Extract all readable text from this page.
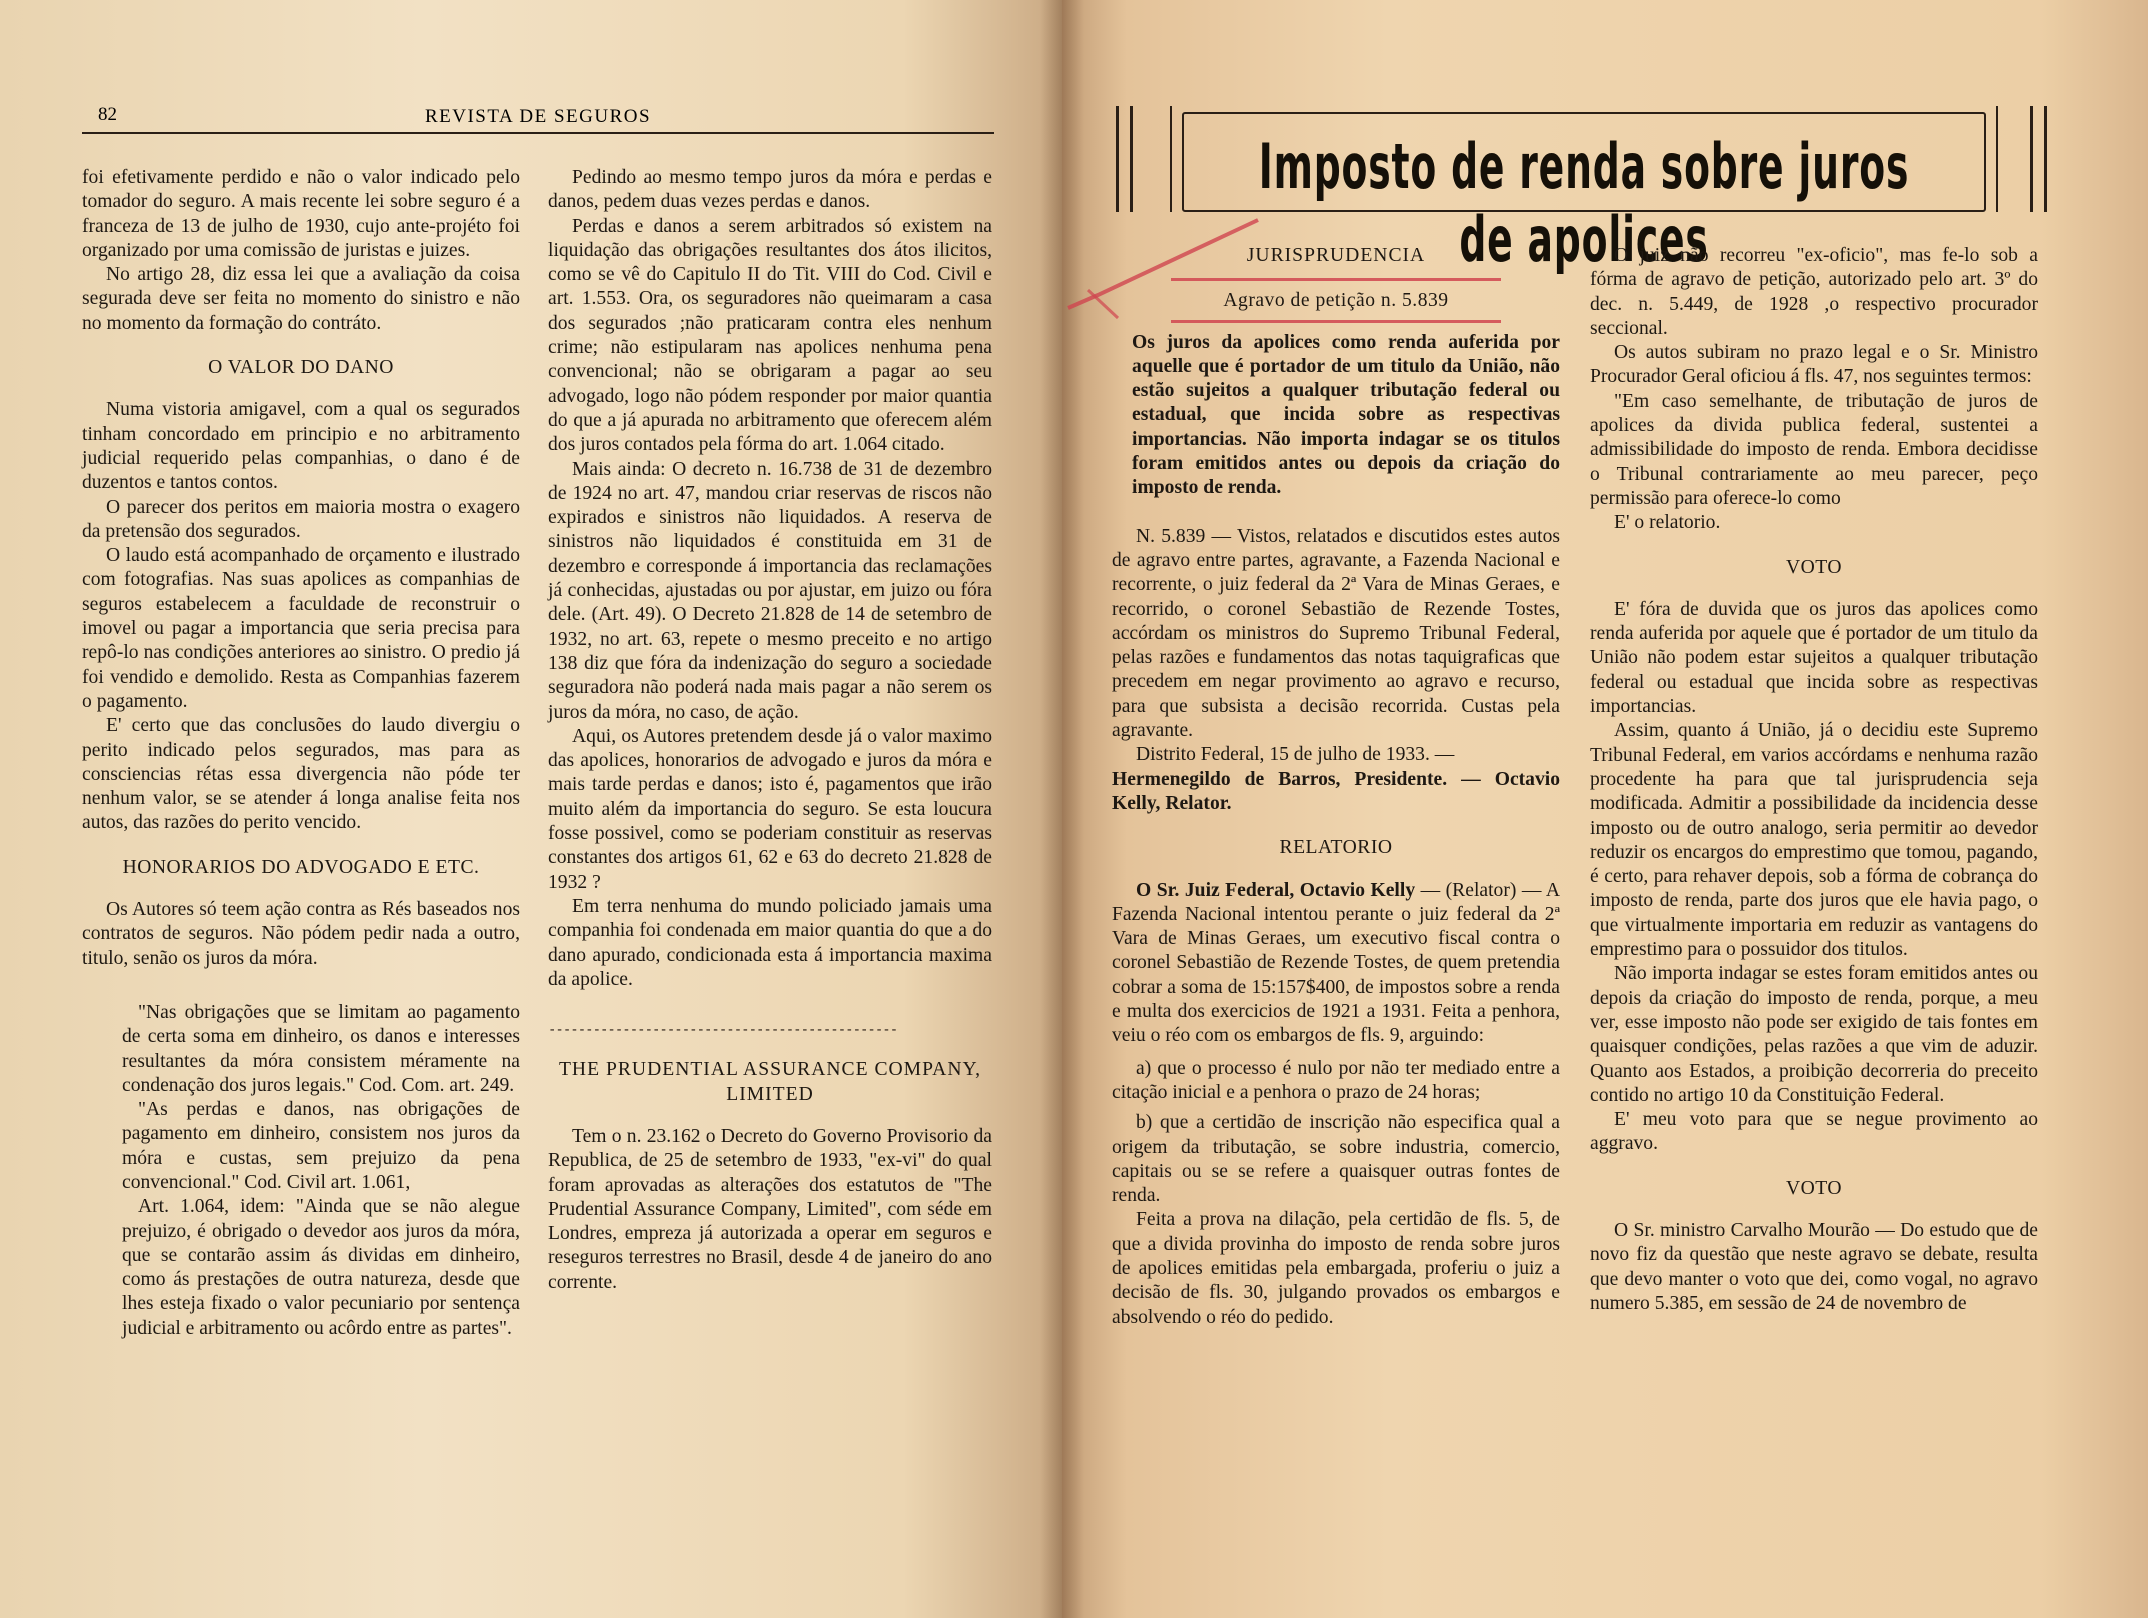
82	REVISTA DE SEGUROS

foi efetivamente perdido e não o valor indicado pelo tomador do seguro. A mais recente lei sobre seguro é a franceza de 13 de julho de 1930, cujo ante-projéto foi organizado por uma comissão de juristas e juizes.

No artigo 28, diz essa lei que a avaliação da coisa segurada deve ser feita no momento do sinistro e não no momento da formação do contráto.

O VALOR DO DANO

Numa vistoria amigavel, com a qual os segurados tinham concordado em principio e no arbitramento judicial requerido pelas companhias, o dano é de duzentos e tantos contos.

O parecer dos peritos em maioria mostra o exagero da pretensão dos segurados.

O laudo está acompanhado de orçamento e ilustrado com fotografias. Nas suas apolices as companhias de seguros estabelecem a faculdade de reconstruir o imovel ou pagar a importancia que seria precisa para repô-lo nas condições anteriores ao sinistro. O predio já foi vendido e demolido. Resta as Companhias fazerem o pagamento.

E' certo que das conclusões do laudo divergiu o perito indicado pelos segurados, mas para as consciencias rétas essa divergencia não póde ter nenhum valor, se se atender á longa analise feita nos autos, das razões do perito vencido.

HONORARIOS DO ADVOGADO E ETC.

Os Autores só teem ação contra as Rés baseados nos contratos de seguros. Não pódem pedir nada a outro, titulo, senão os juros da móra.

"Nas obrigações que se limitam ao pagamento de certa soma em dinheiro, os danos e interesses resultantes da móra consistem méramente na condenação dos juros legais." Cod. Com. art. 249.

"As perdas e danos, nas obrigações de pagamento em dinheiro, consistem nos juros da móra e custas, sem prejuizo da pena convencional." Cod. Civil art. 1.061,

Art. 1.064, idem: "Ainda que se não alegue prejuizo, é obrigado o devedor aos juros da móra, que se contarão assim ás dividas em dinheiro, como ás prestações de outra natureza, desde que lhes esteja fixado o valor pecuniario por sentença judicial e arbitramento ou acôrdo entre as partes".

Pedindo ao mesmo tempo juros da móra e perdas e danos, pedem duas vezes perdas e danos.

Perdas e danos a serem arbitrados só existem na liquidação das obrigações resultantes dos átos ilicitos, como se vê do Capitulo II do Tit. VIII do Cod. Civil e art. 1.553. Ora, os seguradores não queimaram a casa dos segurados ;não praticaram contra eles nenhum crime; não estipularam nas apolices nenhuma pena convencional; não se obrigaram a pagar ao seu advogado, logo não pódem responder por maior quantia do que a já apurada no arbitramento que oferecem além dos juros contados pela fórma do art. 1.064 citado.

Mais ainda: O decreto n. 16.738 de 31 de dezembro de 1924 no art. 47, mandou criar reservas de riscos não expirados e sinistros não liquidados. A reserva de sinistros não liquidados é constituida em 31 de dezembro e corresponde á importancia das reclamações já conhecidas, ajustadas ou por ajustar, em juizo ou fóra dele. (Art. 49). O Decreto 21.828 de 14 de setembro de 1932, no art. 63, repete o mesmo preceito e no artigo 138 diz que fóra da indenização do seguro a sociedade seguradora não poderá nada mais pagar a não serem os juros da móra, no caso, de ação.

Aqui, os Autores pretendem desde já o valor maximo das apolices, honorarios de advogado e juros da móra e mais tarde perdas e danos; isto é, pagamentos que irão muito além da importancia do seguro. Se esta loucura fosse possivel, como se poderiam constituir as reservas constantes dos artigos 61, 62 e 63 do decreto 21.828 de 1932 ?

Em terra nenhuma do mundo policiado jamais uma companhia foi condenada em maior quantia do que a do dano apurado, condicionada esta á importancia maxima da apolice.

-----------------------------------------------
THE PRUDENTIAL ASSURANCE COMPANY, LIMITED

Tem o n. 23.162 o Decreto do Governo Provisorio da Republica, de 25 de setembro de 1933, "ex-vi" do qual foram aprovadas as alterações dos estatutos de "The Prudential Assurance Company, Limited", com séde em Londres, empreza já autorizada a operar em seguros e reseguros terrestres no Brasil, desde 4 de janeiro do ano corrente.

Imposto de renda sobre juros de apolices
JURISPRUDENCIA
Agravo de petição n. 5.839

Os juros da apolices como renda auferida por aquelle que é portador de um titulo da União, não estão sujeitos a qualquer tributação federal ou estadual, que incida sobre as respectivas importancias. Não importa indagar se os titulos foram emitidos antes ou depois da criação do imposto de renda.

N. 5.839 — Vistos, relatados e discutidos estes autos de agravo entre partes, agravante, a Fazenda Nacional e recorrente, o juiz federal da 2ª Vara de Minas Geraes, e recorrido, o coronel Sebastião de Rezende Tostes, accórdam os ministros do Supremo Tribunal Federal, pelas razões e fundamentos das notas taquigraficas que precedem em negar provimento ao agravo e recurso, para que subsista a decisão recorrida. Custas pela agravante.

Distrito Federal, 15 de julho de 1933. —

Hermenegildo de Barros, Presidente. — Octavio Kelly, Relator.

RELATORIO

O Sr. Juiz Federal, Octavio Kelly — (Relator) — A Fazenda Nacional intentou perante o juiz federal da 2ª Vara de Minas Geraes, um executivo fiscal contra o coronel Sebastião de Rezende Tostes, de quem pretendia cobrar a soma de 15:157$400, de impostos sobre a renda e multa dos exercicios de 1921 a 1931. Feita a penhora, veiu o réo com os embargos de fls. 9, arguindo:

a) que o processo é nulo por não ter mediado entre a citação inicial e a penhora o prazo de 24 horas;

b) que a certidão de inscrição não especifica qual a origem da tributação, se sobre industria, comercio, capitais ou se se refere a quaisquer outras fontes de renda.

Feita a prova na dilação, pela certidão de fls. 5, de que a divida provinha do imposto de renda sobre juros de apolices emitidas pela embargada, proferiu o juiz a decisão de fls. 30, julgando provados os embargos e absolvendo o réo do pedido.

O juiz não recorreu "ex-oficio", mas fe-lo sob a fórma de agravo de petição, autorizado pelo art. 3º do dec. n. 5.449, de 1928 ,o respectivo procurador seccional.

Os autos subiram no prazo legal e o Sr. Ministro Procurador Geral oficiou á fls. 47, nos seguintes termos:

"Em caso semelhante, de tributação de juros de apolices da divida publica federal, sustentei a admissibilidade do imposto de renda. Embora decidisse o Tribunal contrariamente ao meu parecer, peço permissão para oferece-lo como

E' o relatorio.

VOTO

E' fóra de duvida que os juros das apolices como renda auferida por aquele que é portador de um titulo da União não podem estar sujeitos a qualquer tributação federal ou estadual que incida sobre as respectivas importancias.

Assim, quanto á União, já o decidiu este Supremo Tribunal Federal, em varios accórdams e nenhuma razão procedente ha para que tal jurisprudencia seja modificada. Admitir a possibilidade da incidencia desse imposto ou de outro analogo, seria permitir ao devedor reduzir os encargos do emprestimo que tomou, pagando, é certo, para rehaver depois, sob a fórma de cobrança do imposto de renda, parte dos juros que ele havia pago, o que virtualmente importaria em reduzir as vantagens do emprestimo para o possuidor dos titulos.

Não importa indagar se estes foram emitidos antes ou depois da criação do imposto de renda, porque, a meu ver, esse imposto não pode ser exigido de tais fontes em quaisquer condições, pelas razões a que vim de aduzir. Quanto aos Estados, a proibição decorreria do preceito contido no artigo 10 da Constituição Federal.

E' meu voto para que se negue provimento ao aggravo.

VOTO

O Sr. ministro Carvalho Mourão — Do estudo que de novo fiz da questão que neste agravo se debate, resulta que devo manter o voto que dei, como vogal, no agravo numero 5.385, em sessão de 24 de novembro de
